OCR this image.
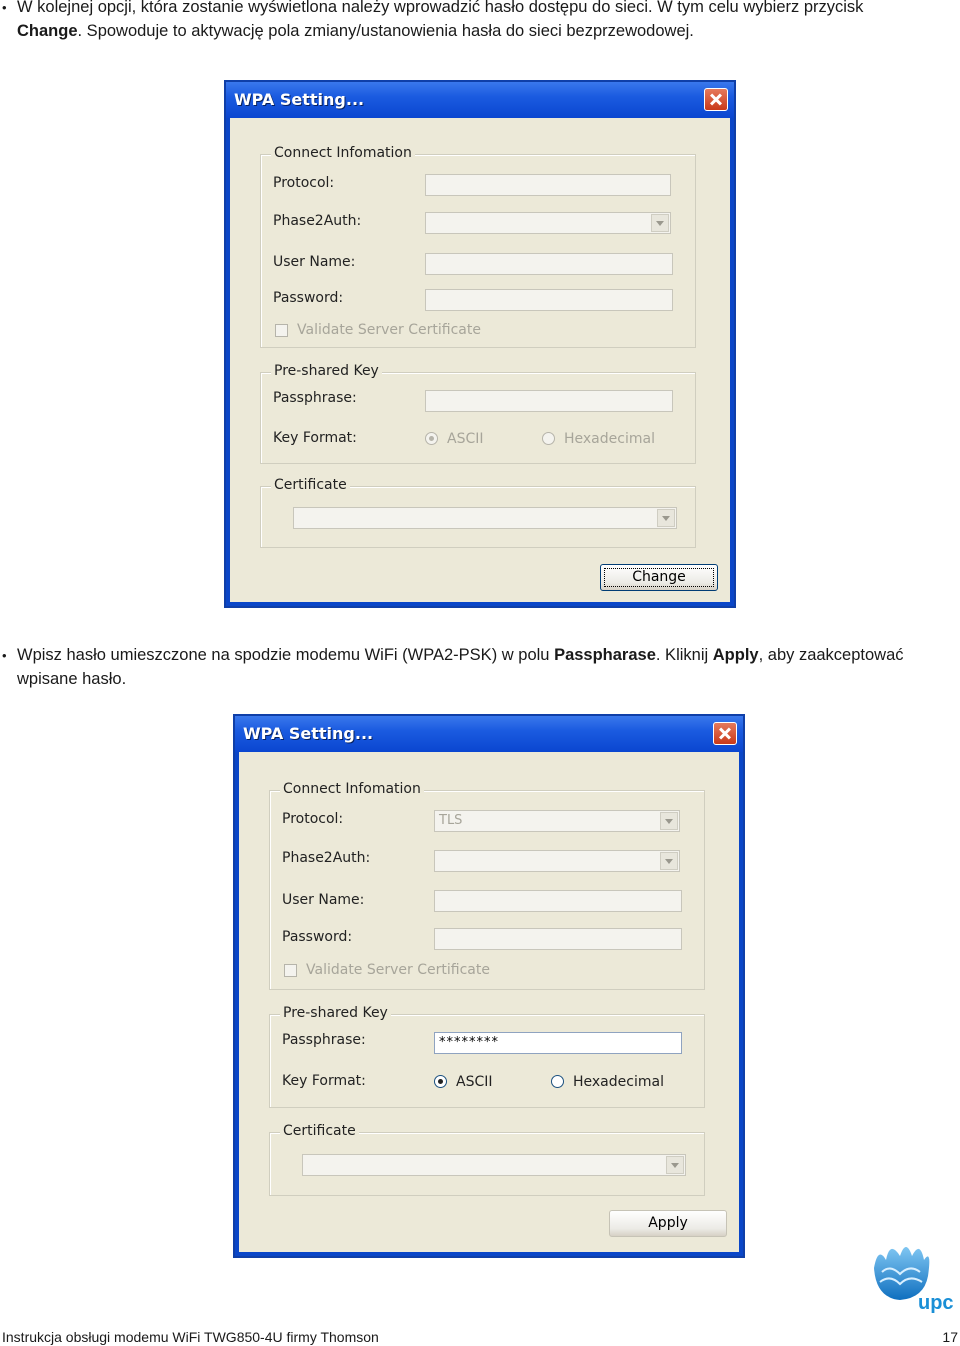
• W kolejnej opcji, która zostanie wyświetlona należy wprowadzić hasło dostępu do sieci. W tym celu wybierz przycisk
Change. Spowoduje to aktywację pola zmiany/ustanowienia hasła do sieci bezprzewodowej.
WPA Setting...
Connect Infomation
Protocol:
Phase2Auth:
User Name:
Password:
Validate Server Certificate
Pre-shared Key
Passphrase:
Key Format:	ASCII	Hexadecimal
Certificate
Change
• Wpisz hasło umieszczone na spodzie modemu WiFi (WPA2-PSK) w polu Passpharase. Kliknij Apply, aby zaakceptować wpisane hasło.
WPA Setting...
Connect Infomation
Protocol:	TLS
Phase2Auth:
User Name:
Password:
Validate Server Certificate
Pre-shared Key
Passphrase:	********
Key Format:	ASCII	Hexadecimal
Certificate
Apply
upc
Instrukcja obsługi modemu WiFi TWG850-4U firmy Thomson	17
